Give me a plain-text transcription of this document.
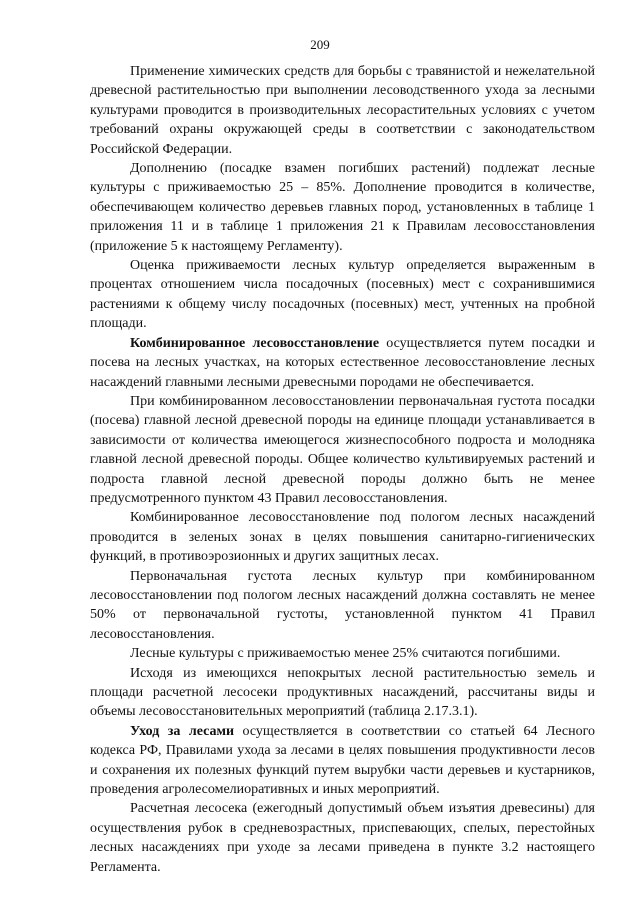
209

Применение химических средств для борьбы с травянистой и нежелательной древесной растительностью при выполнении лесоводственного ухода за лесными культурами проводится в производительных лесорастительных условиях с учетом требований охраны окружающей среды в соответствии с законодательством Российской Федерации.

Дополнению (посадке взамен погибших растений) подлежат лесные культуры с приживаемостью 25 – 85%. Дополнение проводится в количестве, обеспечивающем количество деревьев главных пород, установленных в таблице 1 приложения 11 и в таблице 1 приложения 21 к Правилам лесовосстановления (приложение 5 к настоящему Регламенту).

Оценка приживаемости лесных культур определяется выраженным в процентах отношением числа посадочных (посевных) мест с сохранившимися растениями к общему числу посадочных (посевных) мест, учтенных на пробной площади.

Комбинированное лесовосстановление осуществляется путем посадки и посева на лесных участках, на которых естественное лесовосстановление лесных насаждений главными лесными древесными породами не обеспечивается.

При комбинированном лесовосстановлении первоначальная густота посадки (посева) главной лесной древесной породы на единице площади устанавливается в зависимости от количества имеющегося жизнеспособного подроста и молодняка главной лесной древесной породы. Общее количество культивируемых растений и подроста главной лесной древесной породы должно быть не менее предусмотренного пунктом 43 Правил лесовосстановления.

Комбинированное лесовосстановление под пологом лесных насаждений проводится в зеленых зонах в целях повышения санитарно-гигиенических функций, в противоэрозионных и других защитных лесах.

Первоначальная густота лесных культур при комбинированном лесовосстановлении под пологом лесных насаждений должна составлять не менее 50% от первоначальной густоты, установленной пунктом 41 Правил лесовосстановления.

Лесные культуры с приживаемостью менее 25% считаются погибшими.

Исходя из имеющихся непокрытых лесной растительностью земель и площади расчетной лесосеки продуктивных насаждений, рассчитаны виды и объемы лесовосстановительных мероприятий (таблица 2.17.3.1).

Уход за лесами осуществляется в соответствии со статьей 64 Лесного кодекса РФ, Правилами ухода за лесами в целях повышения продуктивности лесов и сохранения их полезных функций путем вырубки части деревьев и кустарников, проведения агролесомелиоративных и иных мероприятий.

Расчетная лесосека (ежегодный допустимый объем изъятия древесины) для осуществления рубок в средневозрастных, приспевающих, спелых, перестойных лесных насаждениях при уходе за лесами приведена в пункте 3.2 настоящего Регламента.
